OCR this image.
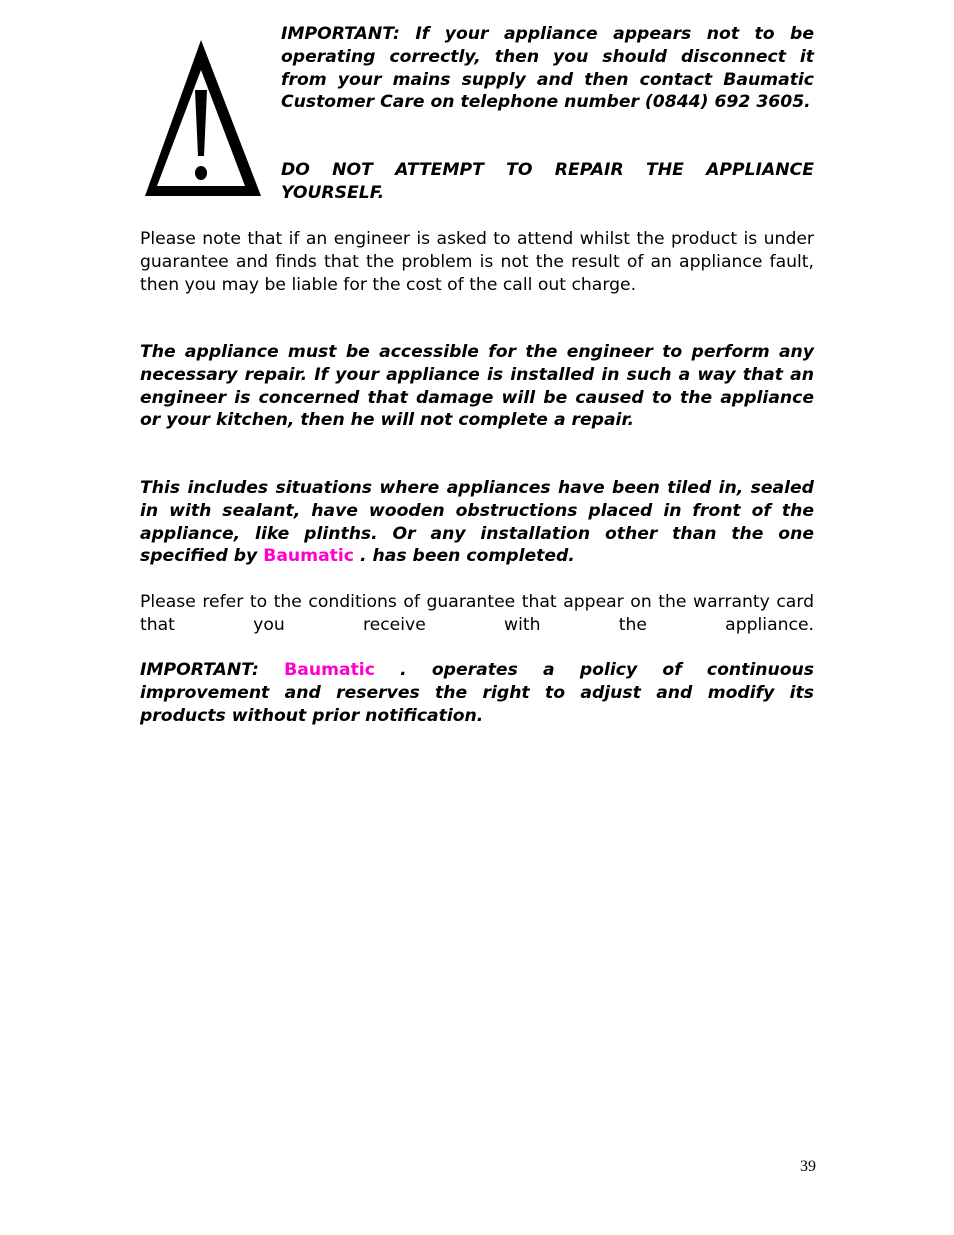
IMPORTANT: If your appliance appears not to be operating correctly, then you should disconnect it from your mains supply and then contact Baumatic Customer Care on telephone number (0844) 692 3605.

DO NOT ATTEMPT TO REPAIR THE APPLIANCE YOURSELF.

Please note that if an engineer is asked to attend whilst the product is under guarantee and finds that the problem is not the result of an appliance fault, then you may be liable for the cost of the call out charge.

The appliance must be accessible for the engineer to perform any necessary repair. If your appliance is installed in such a way that an engineer is concerned that damage will be caused to the appliance or your kitchen, then he will not complete a repair.

This includes situations where appliances have been tiled in, sealed in with sealant, have wooden obstructions placed in front of the appliance, like plinths. Or any installation other than the one specified by Baumatic . has been completed.

Please refer to the conditions of guarantee that appear on the warranty card that you receive with the appliance.

IMPORTANT: Baumatic . operates a policy of continuous improvement and reserves the right to adjust and modify its products without prior notification.

39
